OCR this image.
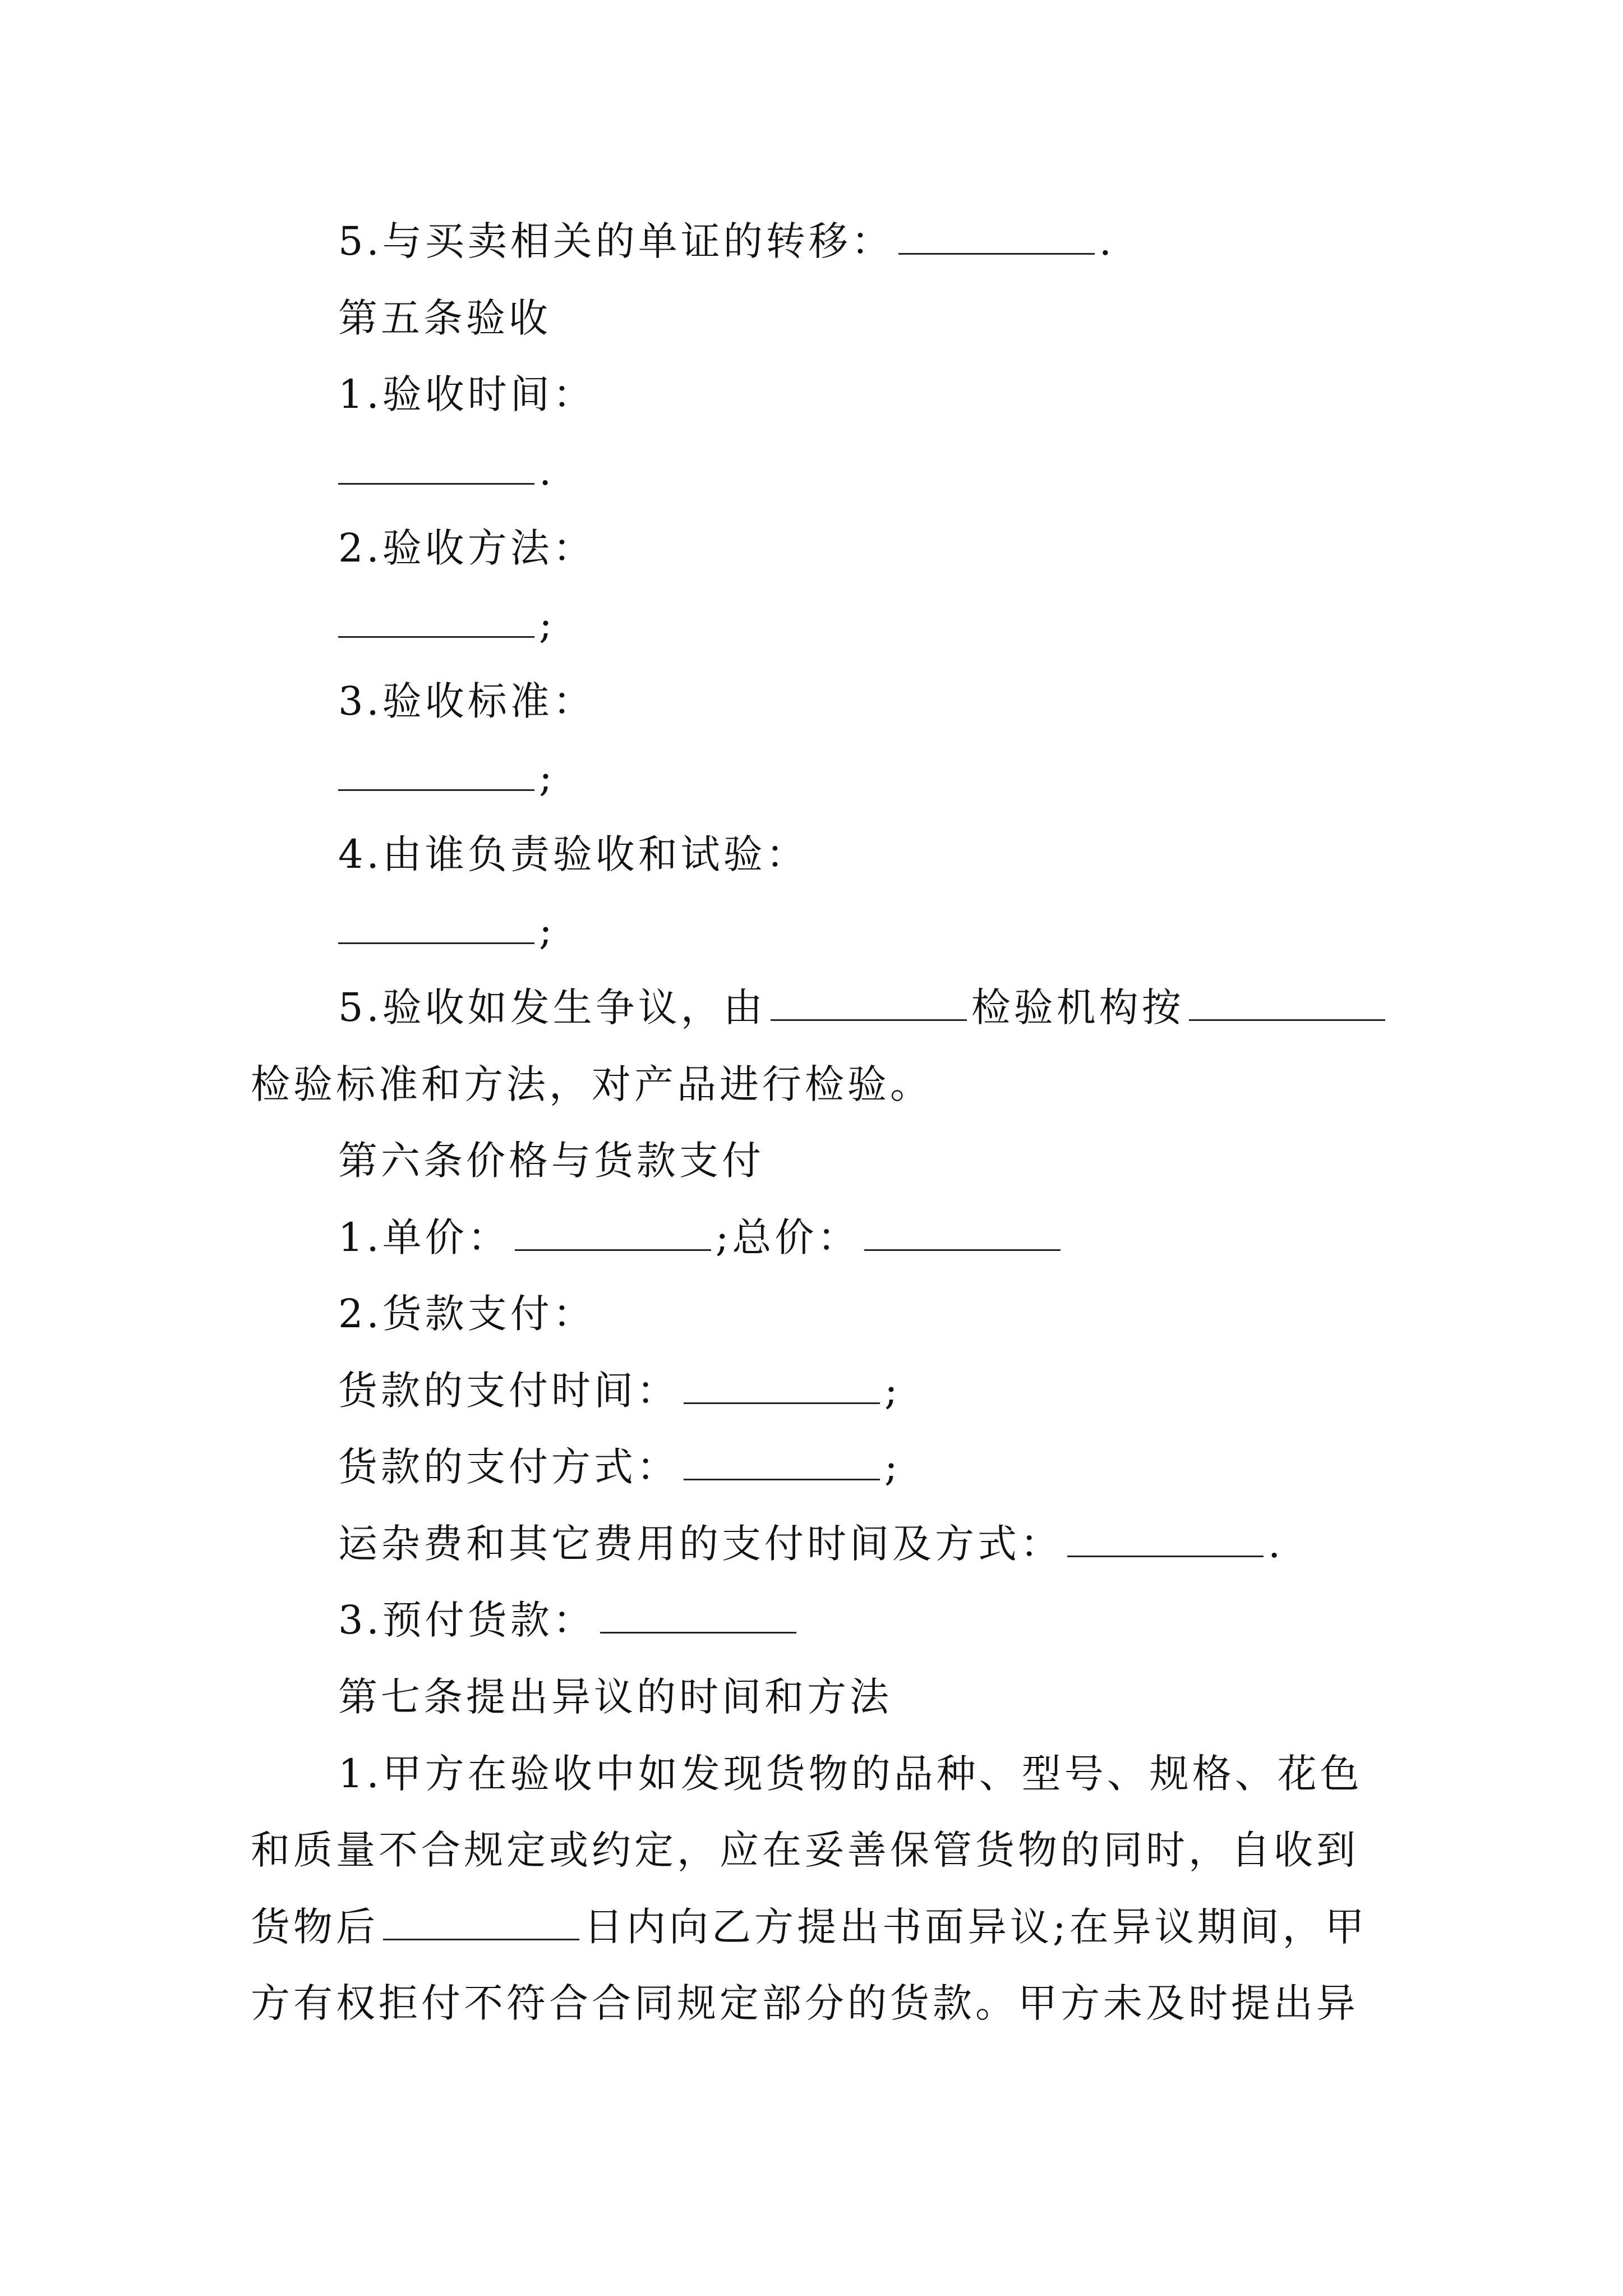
5.与买卖相关的单证的转移：	.
第五条验收
1.验收时间：
.
2.验收方法：
;
3.验收标准：
;
4.由谁负责验收和试验：
;
5.验收如发生争议，由	检验机构按
检验标准和方法，对产品进行检验。
第六条价格与货款支付
1.单价：	;总价：
2.货款支付：
货款的支付时间：	;
货款的支付方式：	;
运杂费和其它费用的支付时间及方式：	.
3.预付货款：
第七条提出异议的时间和方法
1.甲方在验收中如发现货物的品种、型号、规格、花色
和质量不合规定或约定，应在妥善保管货物的同时，自收到
货物后	日内向乙方提出书面异议;在异议期间，甲
方有权拒付不符合合同规定部分的货款。甲方未及时提出异
